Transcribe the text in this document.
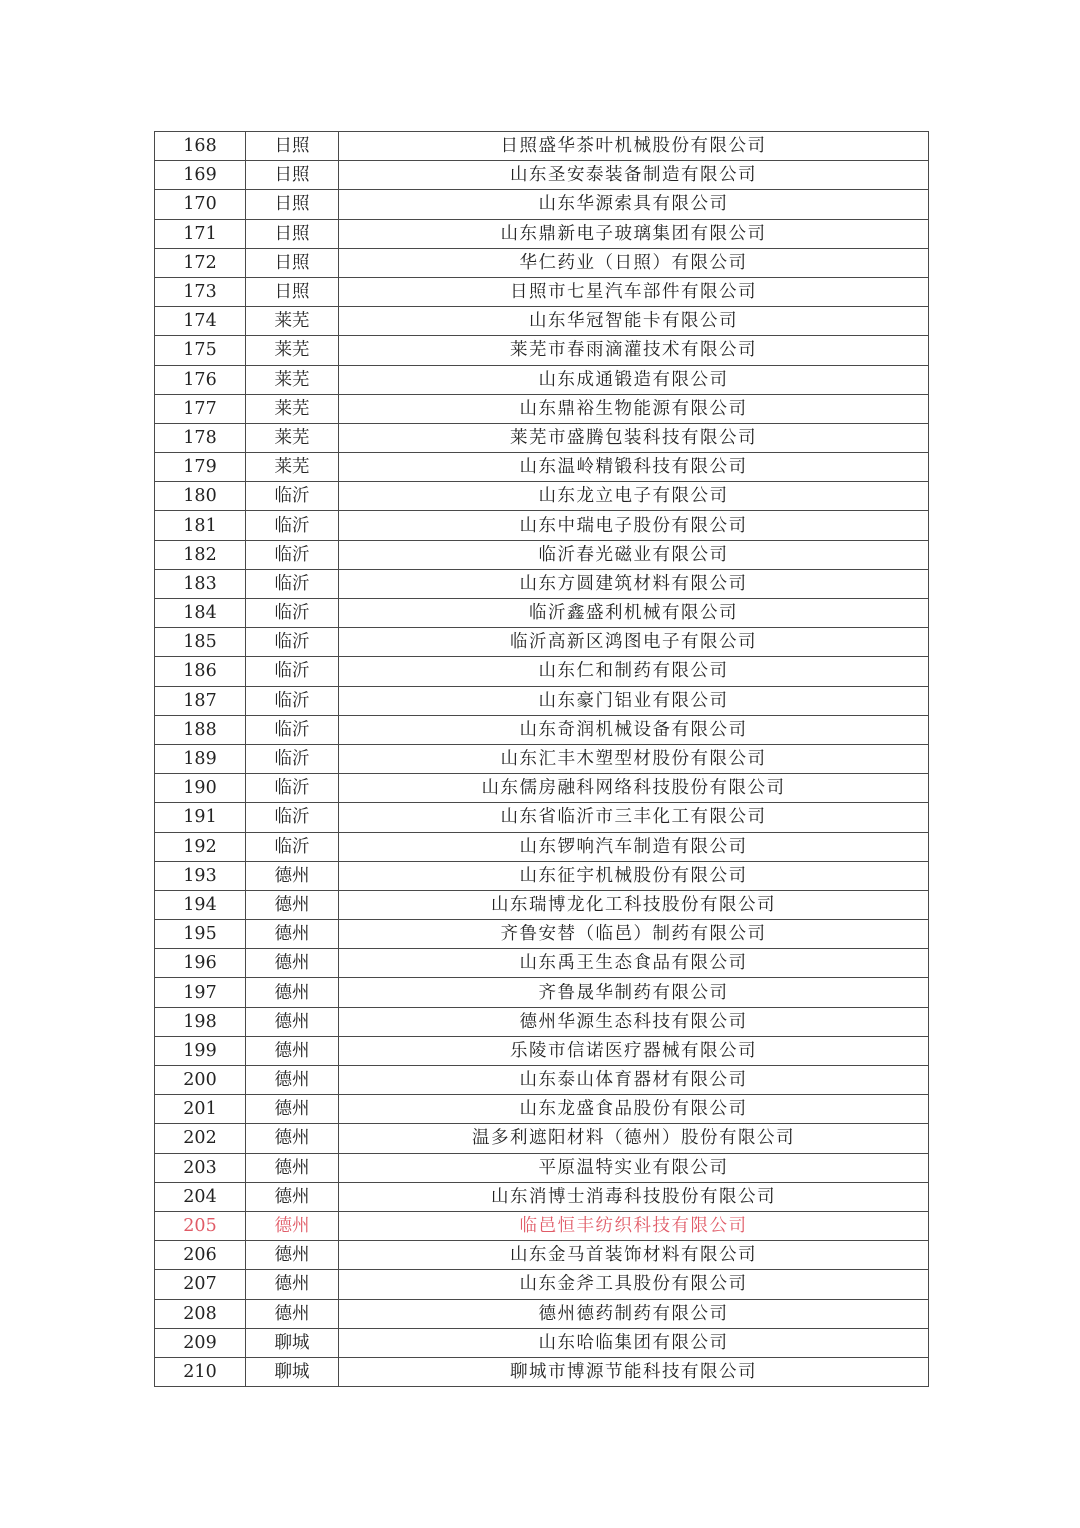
168	日照	日照盛华茶叶机械股份有限公司
169	日照	山东圣安泰装备制造有限公司
170	日照	山东华源索具有限公司
171	日照	山东鼎新电子玻璃集团有限公司
172	日照	华仁药业（日照）有限公司
173	日照	日照市七星汽车部件有限公司
174	莱芜	山东华冠智能卡有限公司
175	莱芜	莱芜市春雨滴灌技术有限公司
176	莱芜	山东成通锻造有限公司
177	莱芜	山东鼎裕生物能源有限公司
178	莱芜	莱芜市盛腾包装科技有限公司
179	莱芜	山东温岭精锻科技有限公司
180	临沂	山东龙立电子有限公司
181	临沂	山东中瑞电子股份有限公司
182	临沂	临沂春光磁业有限公司
183	临沂	山东方圆建筑材料有限公司
184	临沂	临沂鑫盛利机械有限公司
185	临沂	临沂高新区鸿图电子有限公司
186	临沂	山东仁和制药有限公司
187	临沂	山东豪门铝业有限公司
188	临沂	山东奇润机械设备有限公司
189	临沂	山东汇丰木塑型材股份有限公司
190	临沂	山东儒房融科网络科技股份有限公司
191	临沂	山东省临沂市三丰化工有限公司
192	临沂	山东锣响汽车制造有限公司
193	德州	山东征宇机械股份有限公司
194	德州	山东瑞博龙化工科技股份有限公司
195	德州	齐鲁安替（临邑）制药有限公司
196	德州	山东禹王生态食品有限公司
197	德州	齐鲁晟华制药有限公司
198	德州	德州华源生态科技有限公司
199	德州	乐陵市信诺医疗器械有限公司
200	德州	山东泰山体育器材有限公司
201	德州	山东龙盛食品股份有限公司
202	德州	温多利遮阳材料（德州）股份有限公司
203	德州	平原温特实业有限公司
204	德州	山东消博士消毒科技股份有限公司
205	德州	临邑恒丰纺织科技有限公司
206	德州	山东金马首装饰材料有限公司
207	德州	山东金斧工具股份有限公司
208	德州	德州德药制药有限公司
209	聊城	山东哈临集团有限公司
210	聊城	聊城市博源节能科技有限公司
